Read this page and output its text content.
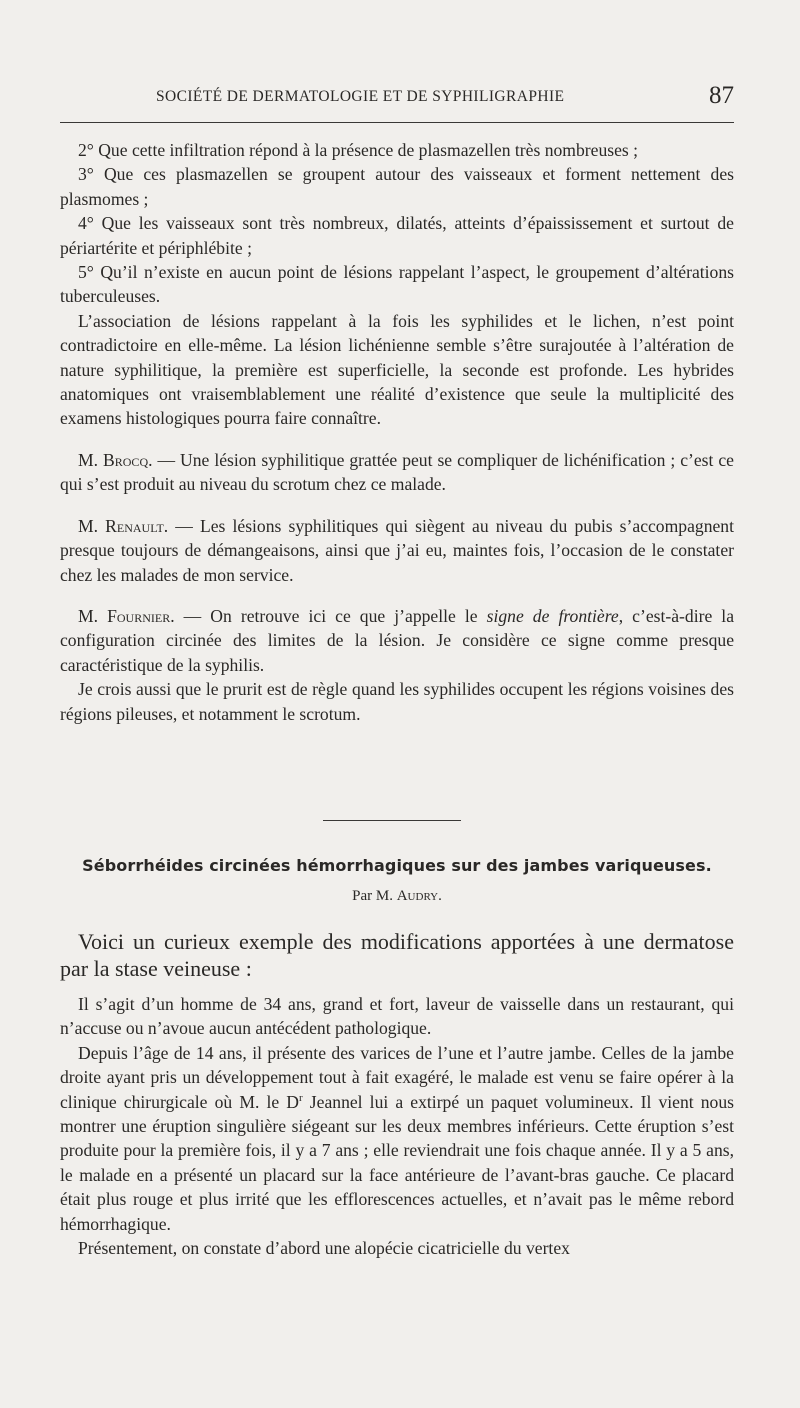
SOCIÉTÉ DE DERMATOLOGIE ET DE SYPHILIGRAPHIE	87

2° Que cette infiltration répond à la présence de plasmazellen très nombreuses ;

3° Que ces plasmazellen se groupent autour des vaisseaux et forment nettement des plasmomes ;

4° Que les vaisseaux sont très nombreux, dilatés, atteints d’épaississement et surtout de périartérite et périphlébite ;

5° Qu’il n’existe en aucun point de lésions rappelant l’aspect, le groupement d’altérations tuberculeuses.

L’association de lésions rappelant à la fois les syphilides et le lichen, n’est point contradictoire en elle-même. La lésion lichénienne semble s’être surajoutée à l’altération de nature syphilitique, la première est superficielle, la seconde est profonde. Les hybrides anatomiques ont vraisemblablement une réalité d’existence que seule la multiplicité des examens histologiques pourra faire connaître.

M. Brocq. — Une lésion syphilitique grattée peut se compliquer de lichénification ; c’est ce qui s’est produit au niveau du scrotum chez ce malade.

M. Renault. — Les lésions syphilitiques qui siègent au niveau du pubis s’accompagnent presque toujours de démangeaisons, ainsi que j’ai eu, maintes fois, l’occasion de le constater chez les malades de mon service.

M. Fournier. — On retrouve ici ce que j’appelle le signe de frontière, c’est-à-dire la configuration circinée des limites de la lésion. Je considère ce signe comme presque caractéristique de la syphilis.

Je crois aussi que le prurit est de règle quand les syphilides occupent les régions voisines des régions pileuses, et notamment le scrotum.

Séborrhéides circinées hémorrhagiques sur des jambes variqueuses.
Par M. Audry.

Voici un curieux exemple des modifications apportées à une dermatose par la stase veineuse :

Il s’agit d’un homme de 34 ans, grand et fort, laveur de vaisselle dans un restaurant, qui n’accuse ou n’avoue aucun antécédent pathologique.

Depuis l’âge de 14 ans, il présente des varices de l’une et l’autre jambe. Celles de la jambe droite ayant pris un développement tout à fait exagéré, le malade est venu se faire opérer à la clinique chirurgicale où M. le $D^r$ Jeannel lui a extirpé un paquet volumineux. Il vient nous montrer une éruption singulière siégeant sur les deux membres inférieurs. Cette éruption s’est produite pour la première fois, il y a 7 ans ; elle reviendrait une fois chaque année. Il y a 5 ans, le malade en a présenté un placard sur la face antérieure de l’avant-bras gauche. Ce placard était plus rouge et plus irrité que les efflorescences actuelles, et n’avait pas le même rebord hémorrhagique.

Présentement, on constate d’abord une alopécie cicatricielle du vertex
